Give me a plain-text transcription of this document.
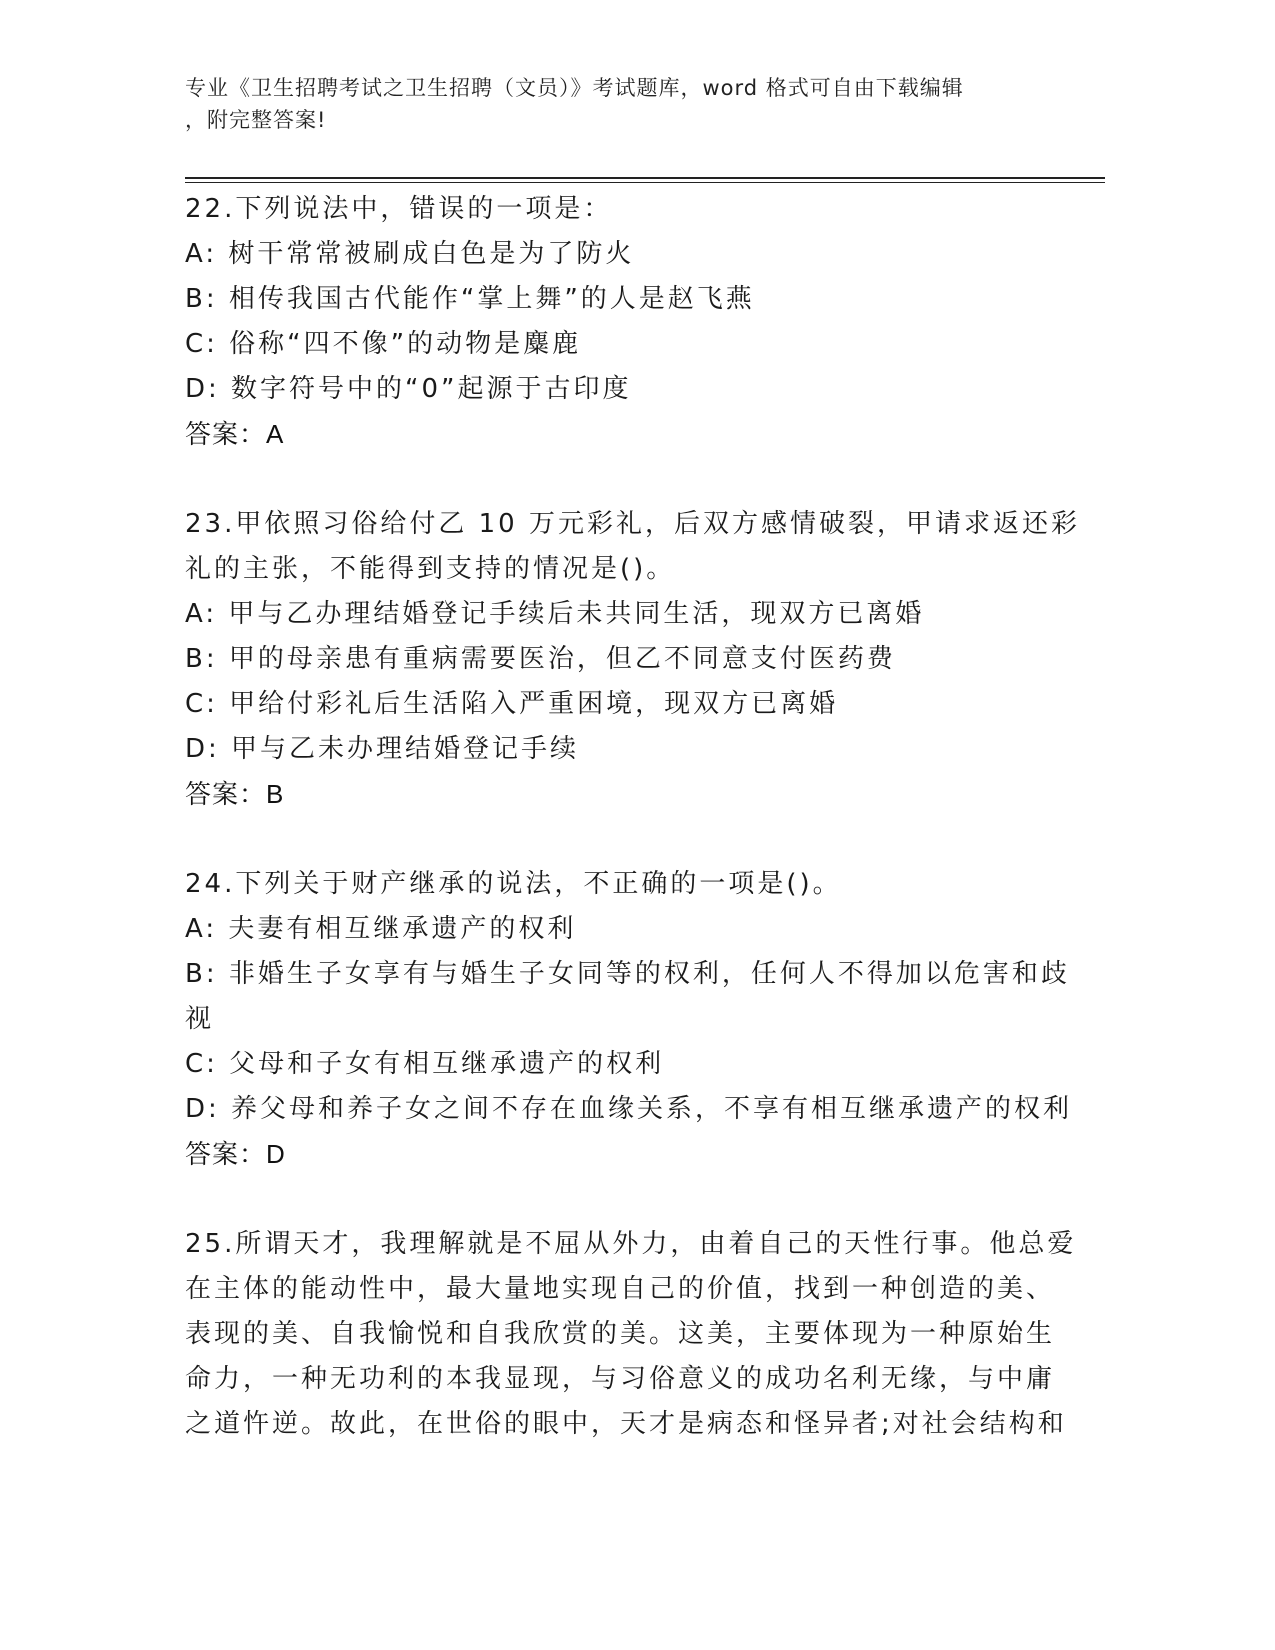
专业《卫生招聘考试之卫生招聘（文员）》考试题库，word 格式可自由下载编辑
，附完整答案!
22.下列说法中，错误的一项是：
A: 树干常常被刷成白色是为了防火
B: 相传我国古代能作“掌上舞”的人是赵飞燕
C: 俗称“四不像”的动物是麋鹿
D: 数字符号中的“0”起源于古印度
答案：A
23.甲依照习俗给付乙 10 万元彩礼，后双方感情破裂，甲请求返还彩
礼的主张，不能得到支持的情况是()。
A: 甲与乙办理结婚登记手续后未共同生活，现双方已离婚
B: 甲的母亲患有重病需要医治，但乙不同意支付医药费
C: 甲给付彩礼后生活陷入严重困境，现双方已离婚
D: 甲与乙未办理结婚登记手续
答案：B
24.下列关于财产继承的说法，不正确的一项是()。
A: 夫妻有相互继承遗产的权利
B: 非婚生子女享有与婚生子女同等的权利，任何人不得加以危害和歧
视
C: 父母和子女有相互继承遗产的权利
D: 养父母和养子女之间不存在血缘关系，不享有相互继承遗产的权利
答案：D
25.所谓天才，我理解就是不屈从外力，由着自己的天性行事。他总爱
在主体的能动性中，最大量地实现自己的价值，找到一种创造的美、
表现的美、自我愉悦和自我欣赏的美。这美，主要体现为一种原始生
命力，一种无功利的本我显现，与习俗意义的成功名利无缘，与中庸
之道忤逆。故此，在世俗的眼中，天才是病态和怪异者;对社会结构和
